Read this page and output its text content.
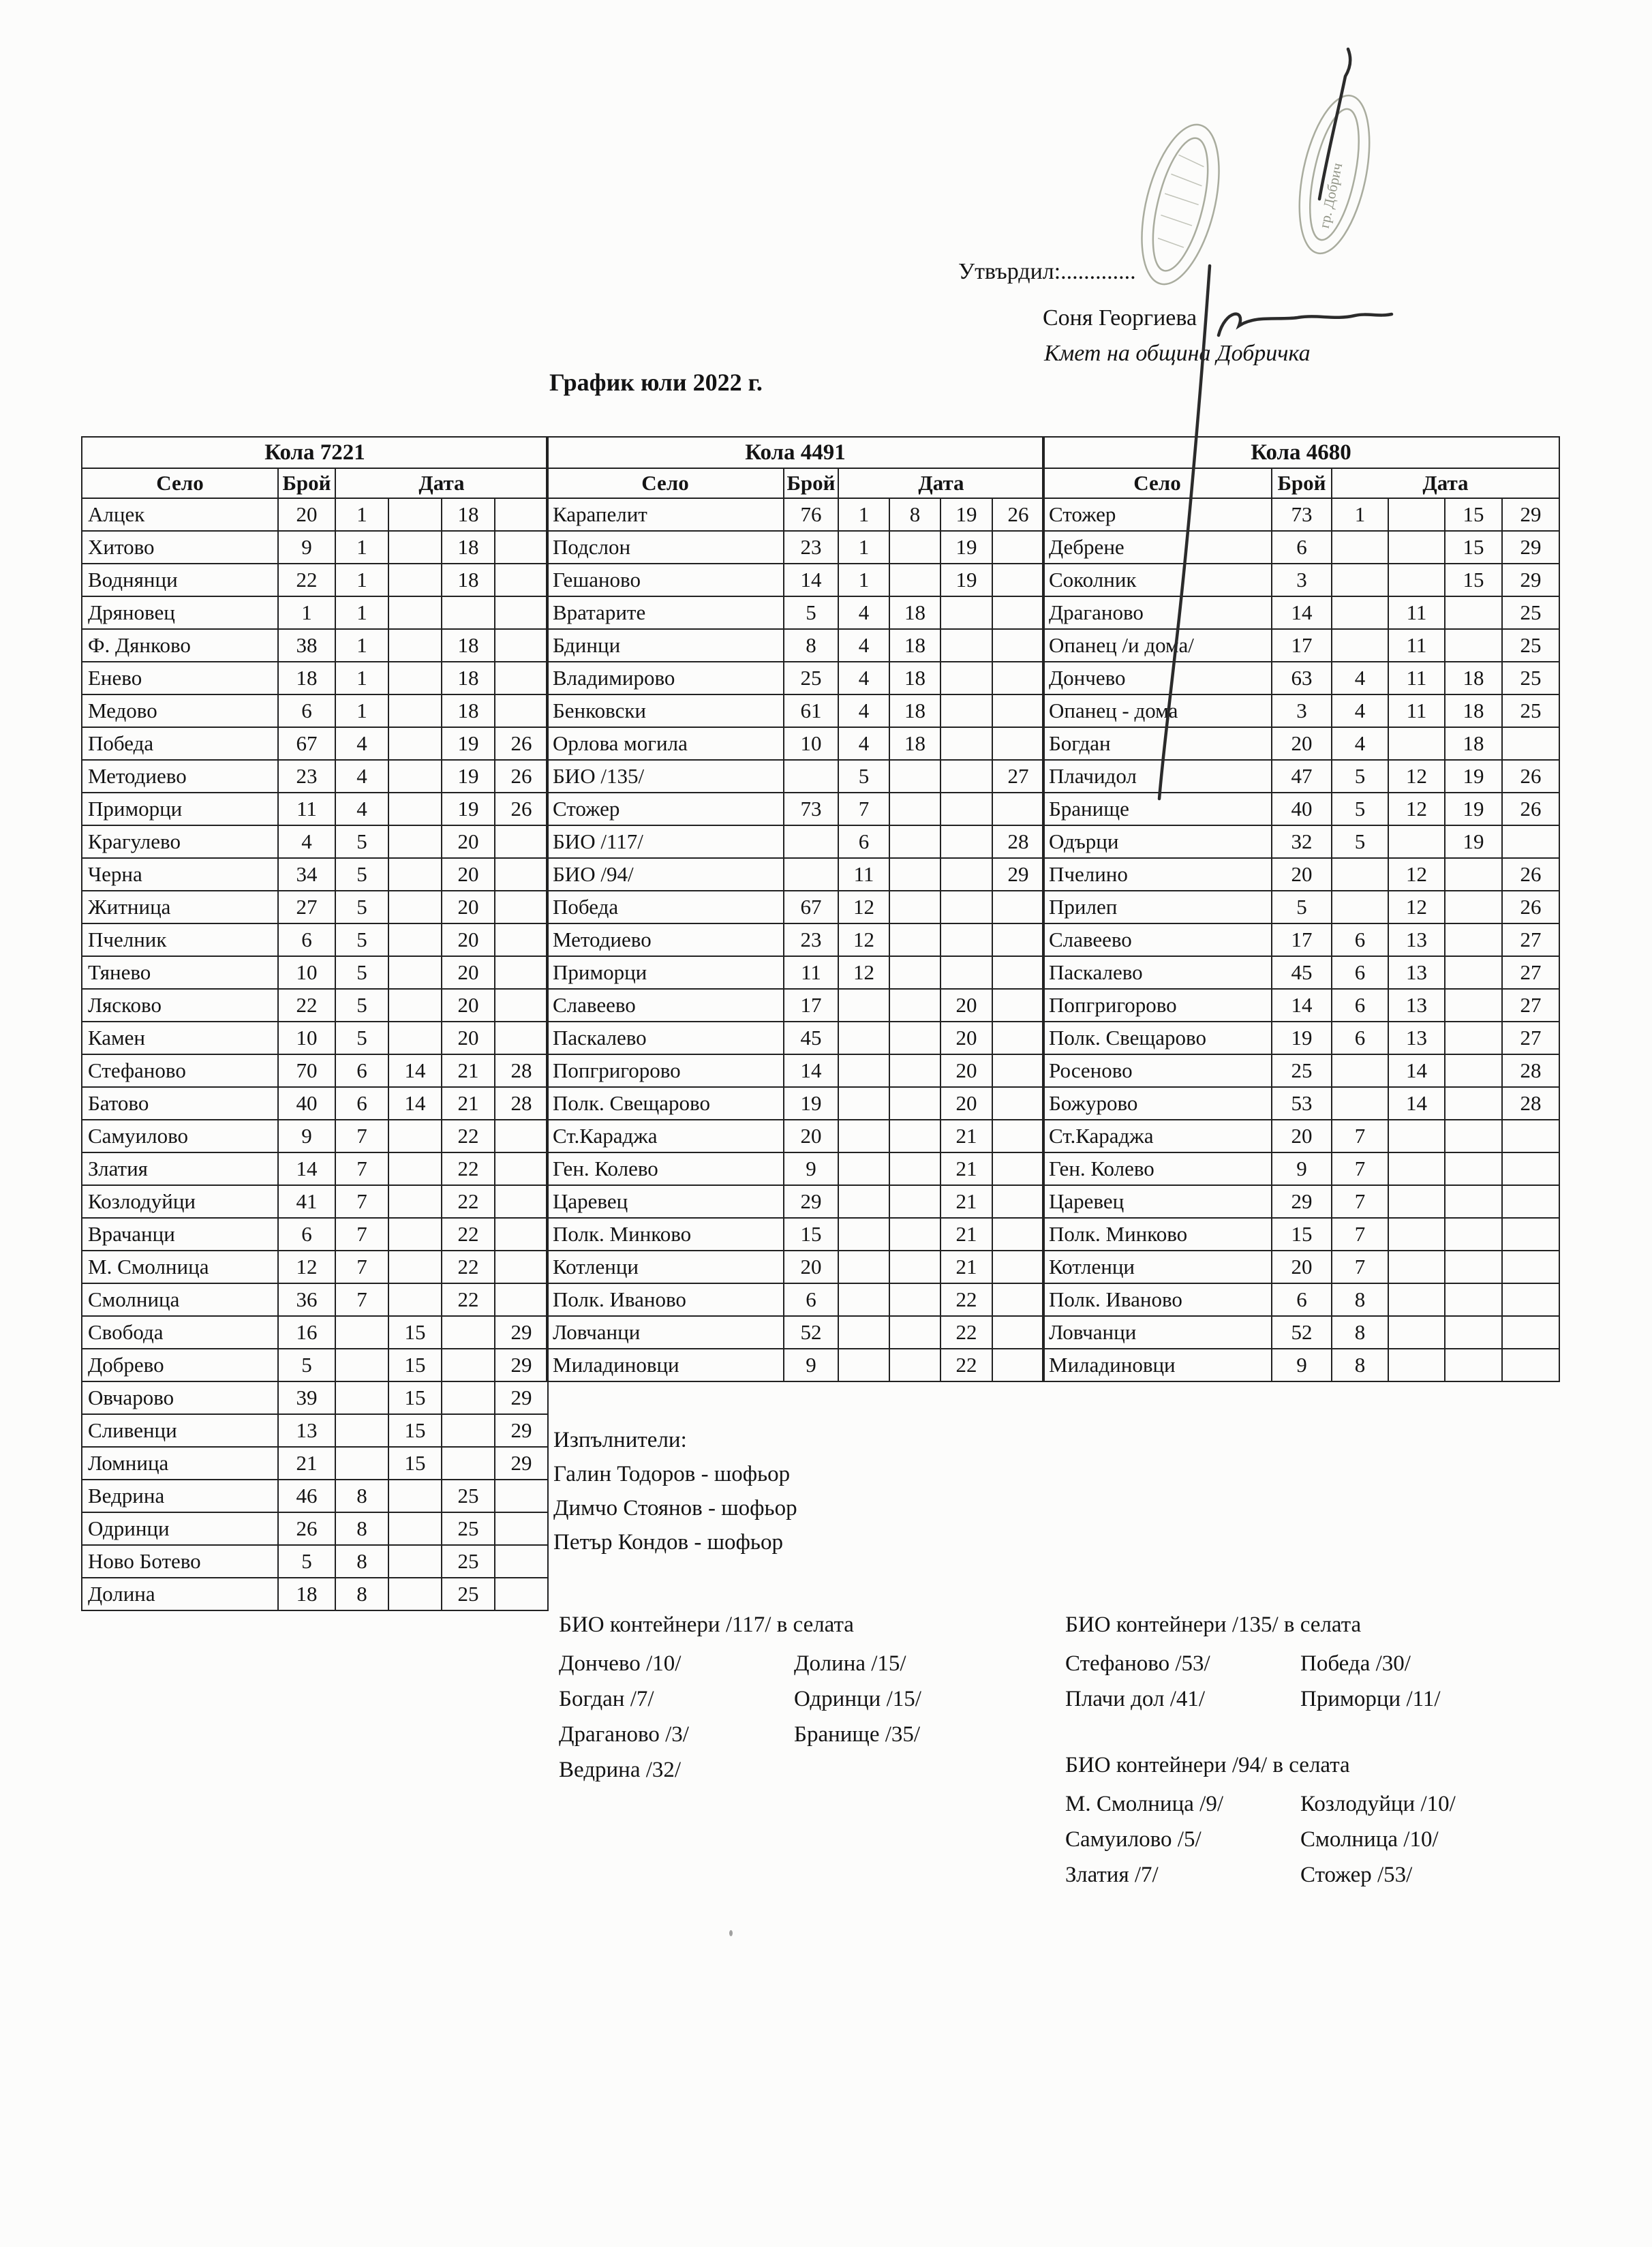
Утвърдил:.............
Соня Георгиева
Кмет на община Добричка
График юли 2022 г.
Кола 7221					
Село	Брой	Дата			
Алцек	20	1		18	
Хитово	9	1		18	
Воднянци	22	1		18	
Дряновец	1	1			
Ф. Дянково	38	1		18	
Енево	18	1		18	
Медово	6	1		18	
Победа	67	4		19	26
Методиево	23	4		19	26
Приморци	11	4		19	26
Крагулево	4	5		20	
Черна	34	5		20	
Житница	27	5		20	
Пчелник	6	5		20	
Тянево	10	5		20	
Лясково	22	5		20	
Камен	10	5		20	
Стефаново	70	6	14	21	28
Батово	40	6	14	21	28
Самуилово	9	7		22	
Златия	14	7		22	
Козлодуйци	41	7		22	
Врачанци	6	7		22	
М. Смолница	12	7		22	
Смолница	36	7		22	
Свобода	16		15		29
Добрево	5		15		29
Овчарово	39		15		29
Сливенци	13		15		29
Ломница	21		15		29
Ведрина	46	8		25	
Одринци	26	8		25	
Ново Ботево	5	8		25	
Долина	18	8		25	
Кола 4491					
Село	Брой	Дата			
Карапелит	76	1	8	19	26
Подслон	23	1		19	
Гешаново	14	1		19	
Вратарите	5	4	18		
Бдинци	8	4	18		
Владимирово	25	4	18		
Бенковски	61	4	18		
Орлова могила	10	4	18		
БИО /135/		5			27
Стожер	73	7			
БИО /117/		6			28
БИО /94/		11			29
Победа	67	12			
Методиево	23	12			
Приморци	11	12			
Славеево	17			20	
Паскалево	45			20	
Попгригорово	14			20	
Полк. Свещарово	19			20	
Ст.Караджа	20			21	
Ген. Колево	9			21	
Царевец	29			21	
Полк. Минково	15			21	
Котленци	20			21	
Полк. Иваново	6			22	
Ловчанци	52			22	
Миладиновци	9			22	
Кола 4680					
Село	Брой	Дата			
Стожер	73	1		15	29
Дебрене	6			15	29
Соколник	3			15	29
Драганово	14		11		25
Опанец /и дома/	17		11		25
Дончево	63	4	11	18	25
Опанец - дома	3	4	11	18	25
Богдан	20	4		18	
Плачидол	47	5	12	19	26
Бранище	40	5	12	19	26
Одърци	32	5		19	
Пчелино	20		12		26
Прилеп	5		12		26
Славеево	17	6	13		27
Паскалево	45	6	13		27
Попгригорово	14	6	13		27
Полк. Свещарово	19	6	13		27
Росеново	25		14		28
Божурово	53		14		28
Ст.Караджа	20	7			
Ген. Колево	9	7			
Царевец	29	7			
Полк. Минково	15	7			
Котленци	20	7			
Полк. Иваново	6	8			
Ловчанци	52	8			
Миладиновци	9	8			
Изпълнители:
Галин Тодоров - шофьор
Димчо Стоянов - шофьор
Петър Кондов - шофьор
БИО контейнери /117/ в селата
Дончево /10/
Богдан /7/
Драганово /3/
Ведрина /32/
Долина /15/
Одринци /15/
Бранище /35/
БИО контейнери /135/ в селата
Стефаново /53/
Плачи дол /41/
Победа /30/
Приморци /11/
БИО контейнери /94/ в селата
М. Смолница /9/
Самуилово /5/
Златия /7/
Козлодуйци /10/
Смолница /10/
Стожер /53/
гр. Добрич
